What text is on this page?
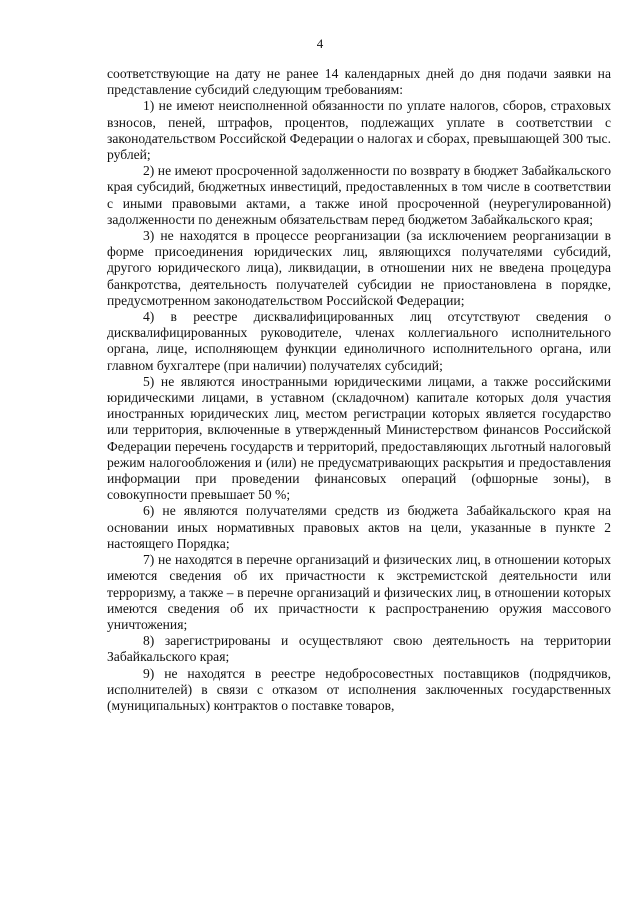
4

соответствующие на дату не ранее 14 календарных дней до дня подачи заявки на представление субсидий следующим требованиям:

1) не имеют неисполненной обязанности по уплате налогов, сборов, страховых взносов, пеней, штрафов, процентов, подлежащих уплате в соответствии с законодательством Российской Федерации о налогах и сборах, превышающей 300 тыс. рублей;

2) не имеют просроченной задолженности по возврату в бюджет Забайкальского края субсидий, бюджетных инвестиций, предоставленных в том числе в соответствии с иными правовыми актами, а также иной просроченной (неурегулированной) задолженности по денежным обязательствам перед бюджетом Забайкальского края;

3) не находятся в процессе реорганизации (за исключением реорганизации в форме присоединения юридических лиц, являющихся получателями субсидий, другого юридического лица), ликвидации, в отношении них не введена процедура банкротства, деятельность получателей субсидии не приостановлена в порядке, предусмотренном законодательством Российской Федерации;

4) в реестре дисквалифицированных лиц отсутствуют сведения о дисквалифицированных руководителе, членах коллегиального исполнительного органа, лице, исполняющем функции единоличного исполнительного органа, или главном бухгалтере (при наличии) получателях субсидий;

5) не являются иностранными юридическими лицами, а также российскими юридическими лицами, в уставном (складочном) капитале которых доля участия иностранных юридических лиц, местом регистрации которых является государство или территория, включенные в утвержденный Министерством финансов Российской Федерации перечень государств и территорий, предоставляющих льготный налоговый режим налогообложения и (или) не предусматривающих раскрытия и предоставления информации при проведении финансовых операций (офшорные зоны), в совокупности превышает 50 %;

6) не являются получателями средств из бюджета Забайкальского края на основании иных нормативных правовых актов на цели, указанные в пункте 2 настоящего Порядка;

7) не находятся в перечне организаций и физических лиц, в отношении которых имеются сведения об их причастности к экстремистской деятельности или терроризму, а также – в перечне организаций и физических лиц, в отношении которых имеются сведения об их причастности к распространению оружия массового уничтожения;

8) зарегистрированы и осуществляют свою деятельность на территории Забайкальского края;

9) не находятся в реестре недобросовестных поставщиков (подрядчиков, исполнителей) в связи с отказом от исполнения заключенных государственных (муниципальных) контрактов о поставке товаров,
